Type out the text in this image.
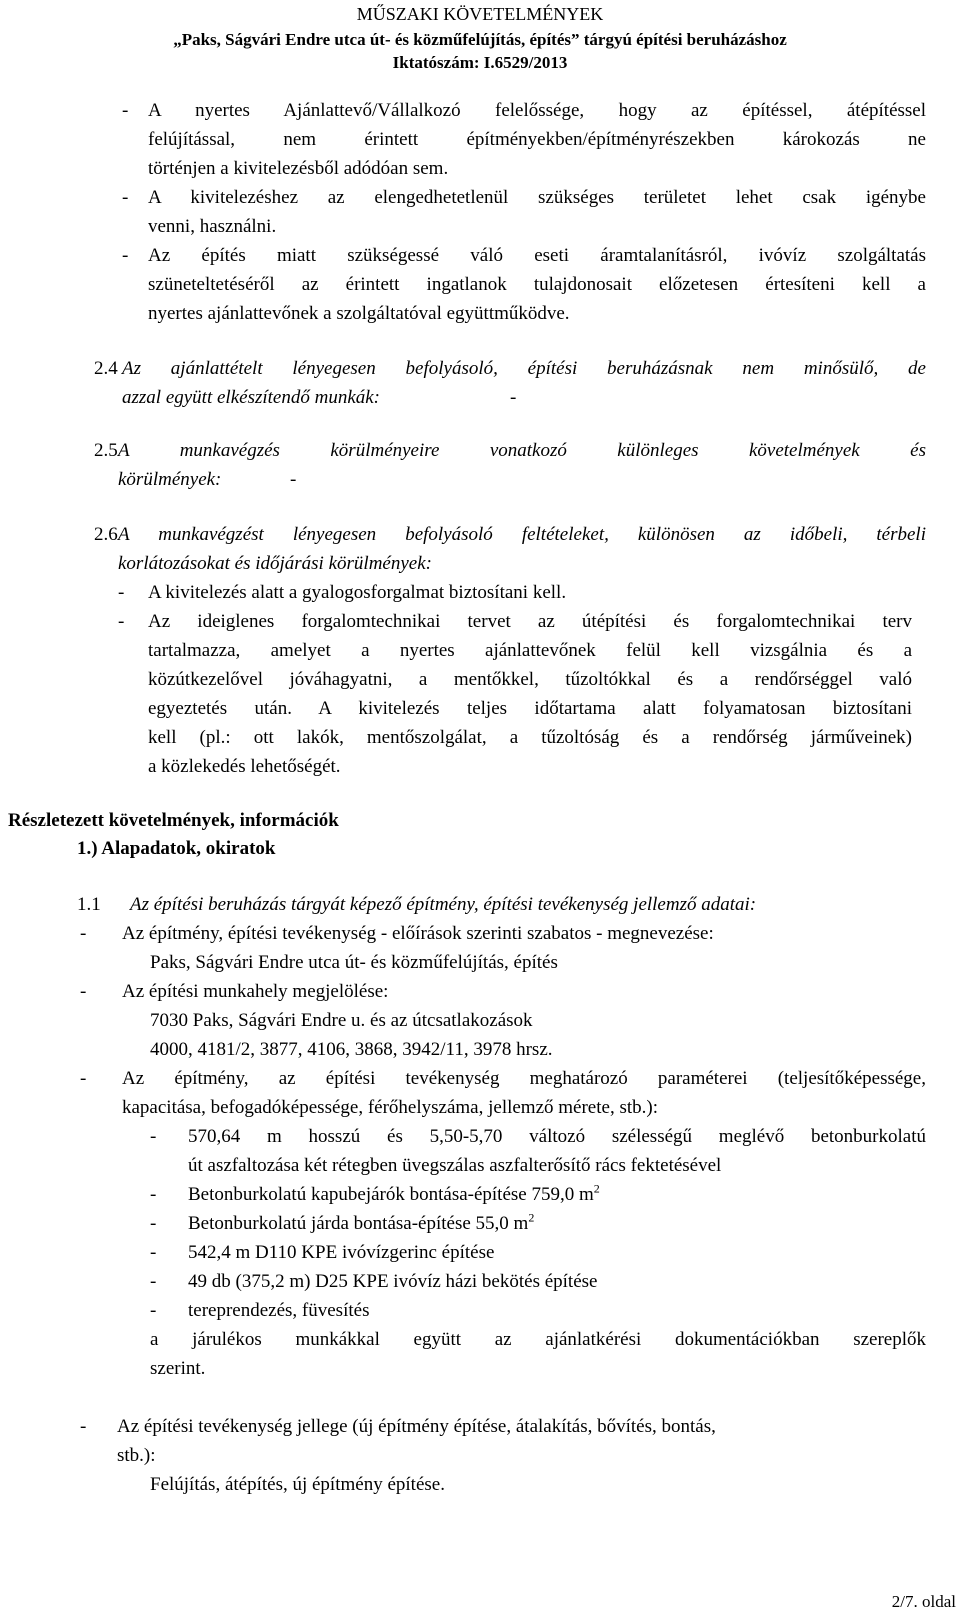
MŰSZAKI KÖVETELMÉNYEK
„Paks, Ságvári Endre utca út- és közműfelújítás, építés” tárgyú építési beruházáshoz
Iktatószám: I.6529/2013
- A nyertes Ajánlattevő/Vállalkozó felelőssége, hogy az építéssel, átépítéssel
felújítással, nem érintett építményekben/építményrészekben károkozás ne
történjen a kivitelezésből adódóan sem.
- A kivitelezéshez az elengedhetetlenül szükséges területet lehet csak igénybe
venni, használni.
- Az építés miatt szükségessé váló eseti áramtalanításról, ivóvíz szolgáltatás
szüneteltetéséről az érintett ingatlanok tulajdonosait előzetesen értesíteni kell a
nyertes ajánlattevőnek a szolgáltatóval együttműködve.
2.4 Az ajánlattételt lényegesen befolyásoló, építési beruházásnak nem minősülő, de
azzal együtt elkészítendő munkák:	-
2.5 A munkavégzés körülményeire vonatkozó különleges követelmények és
körülmények:	-
2.6 A munkavégzést lényegesen befolyásoló feltételeket, különösen az időbeli, térbeli
korlátozásokat és időjárási körülmények:
- A kivitelezés alatt a gyalogosforgalmat biztosítani kell.
- Az ideiglenes forgalomtechnikai tervet az útépítési és forgalomtechnikai terv
tartalmazza, amelyet a nyertes ajánlattevőnek felül kell vizsgálnia és a
közútkezelővel jóváhagyatni, a mentőkkel, tűzoltókkal és a rendőrséggel való
egyeztetés után. A kivitelezés teljes időtartama alatt folyamatosan biztosítani
kell (pl.: ott lakók, mentőszolgálat, a tűzoltóság és a rendőrség járműveinek)
a közlekedés lehetőségét.
Részletezett követelmények, információk
1.) Alapadatok, okiratok
1.1 Az építési beruházás tárgyát képező építmény, építési tevékenység jellemző adatai:
- Az építmény, építési tevékenység - előírások szerinti szabatos - megnevezése:
Paks, Ságvári Endre utca út- és közműfelújítás, építés
- Az építési munkahely megjelölése:
7030 Paks, Ságvári Endre u. és az útcsatlakozások
4000, 4181/2, 3877, 4106, 3868, 3942/11, 3978 hrsz.
- Az építmény, az építési tevékenység meghatározó paraméterei (teljesítőképessége,
kapacitása, befogadóképessége, férőhelyszáma, jellemző mérete, stb.):
- 570,64 m hosszú és 5,50-5,70 változó szélességű meglévő betonburkolatú
út aszfaltozása két rétegben üvegszálas aszfalterősítő rács fektetésével
- Betonburkolatú kapubejárók bontása-építése 759,0 $m^2$
- Betonburkolatú járda bontása-építése 55,0 $m^2$
- 542,4 m D110 KPE ivóvízgerinc építése
- 49 db (375,2 m) D25 KPE ivóvíz házi bekötés építése
- tereprendezés, füvesítés
a járulékos munkákkal együtt az ajánlatkérési dokumentációkban szereplők
szerint.
- Az építési tevékenység jellege (új építmény építése, átalakítás, bővítés, bontás,
stb.):
Felújítás, átépítés, új építmény építése.
2/7. oldal
